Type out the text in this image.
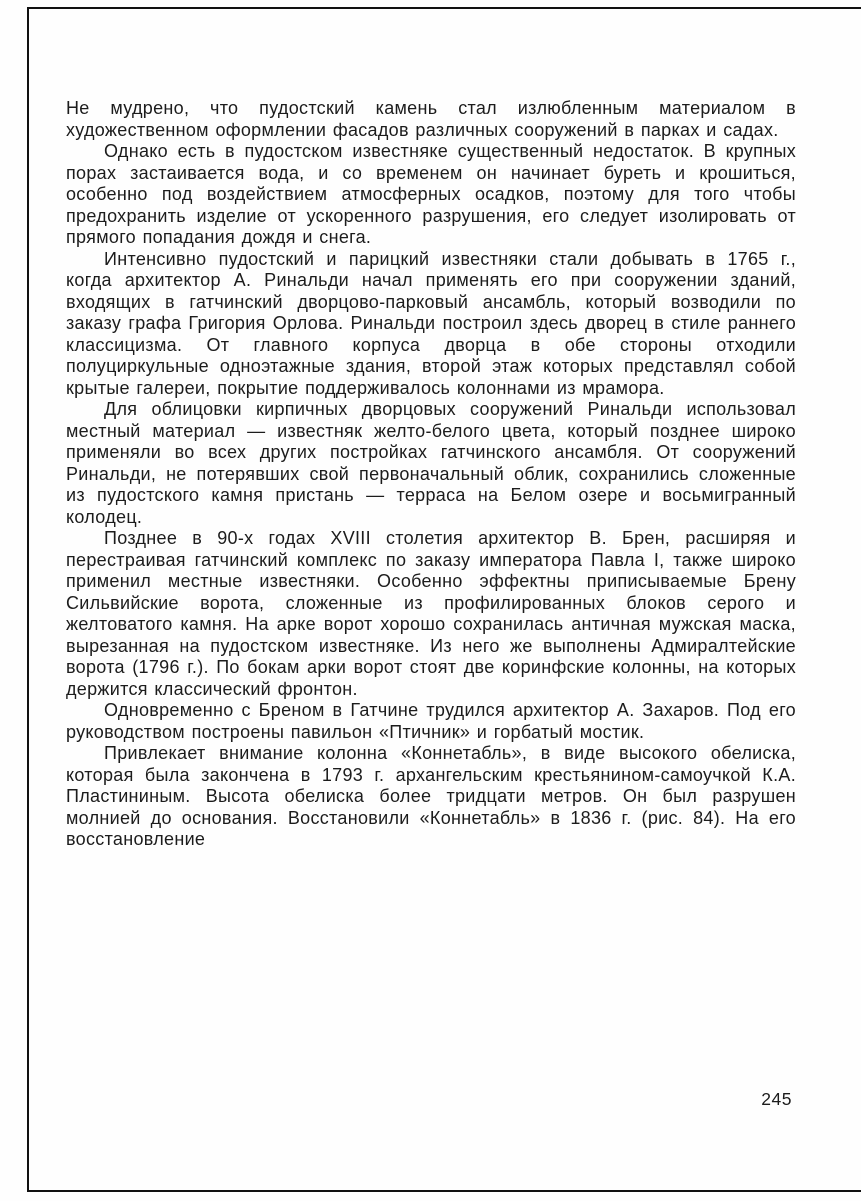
Не мудрено, что пудостский камень стал излюбленным материалом в художественном оформлении фасадов различных сооружений в парках и садах.

Однако есть в пудостском известняке существенный недостаток. В крупных порах застаивается вода, и со временем он начинает буреть и крошиться, особенно под воздействием атмосферных осадков, поэтому для того чтобы предохранить изделие от ускоренного разрушения, его следует изолировать от прямого попадания дождя и снега.

Интенсивно пудостский и парицкий известняки стали добывать в 1765 г., когда архитектор А. Ринальди начал применять его при сооружении зданий, входящих в гатчинский дворцово-парковый ансамбль, который возводили по заказу графа Григория Орлова. Ринальди построил здесь дворец в стиле раннего классицизма. От главного корпуса дворца в обе стороны отходили полуциркульные одноэтажные здания, второй этаж которых представлял собой крытые галереи, покрытие поддерживалось колоннами из мрамора.

Для облицовки кирпичных дворцовых сооружений Ринальди использовал местный материал — известняк желто-белого цвета, который позднее широко применяли во всех других постройках гатчинского ансамбля. От сооружений Ринальди, не потерявших свой первоначальный облик, сохранились сложенные из пудостского камня пристань — терраса на Белом озере и восьмигранный колодец.

Позднее в 90-х годах XVIII столетия архитектор В. Брен, расширяя и перестраивая гатчинский комплекс по заказу императора Павла I, также широко применил местные известняки. Особенно эффектны приписываемые Брену Сильвийские ворота, сложенные из профилированных блоков серого и желтоватого камня. На арке ворот хорошо сохранилась античная мужская маска, вырезанная на пудостском известняке. Из него же выполнены Адмиралтейские ворота (1796 г.). По бокам арки ворот стоят две коринфские колонны, на которых держится классический фронтон.

Одновременно с Бреном в Гатчине трудился архитектор А. Захаров. Под его руководством построены павильон «Птичник» и горбатый мостик.

Привлекает внимание колонна «Коннетабль», в виде высокого обелиска, которая была закончена в 1793 г. архангельским крестьянином-самоучкой К.А. Пластининым. Высота обелиска более тридцати метров. Он был разрушен молнией до основания. Восстановили «Коннетабль» в 1836 г. (рис. 84). На его восстановление

245
